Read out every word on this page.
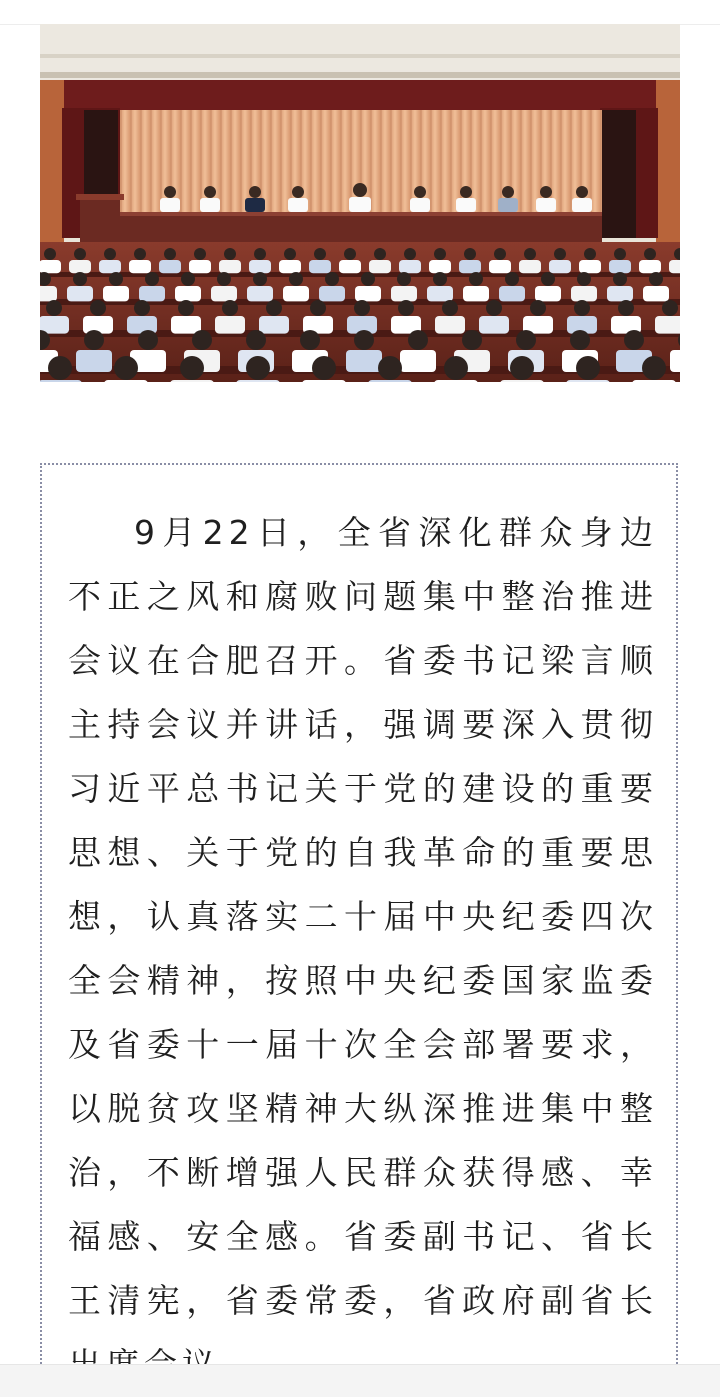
9月22日，全省深化群众身边不正之风和腐败问题集中整治推进会议在合肥召开。省委书记梁言顺主持会议并讲话，强调要深入贯彻习近平总书记关于党的建设的重要思想、关于党的自我革命的重要思想，认真落实二十届中央纪委四次全会精神，按照中央纪委国家监委及省委十一届十次全会部署要求，以脱贫攻坚精神大纵深推进集中整治，不断增强人民群众获得感、幸福感、安全感。省委副书记、省长王清宪，省委常委，省政府副省长
